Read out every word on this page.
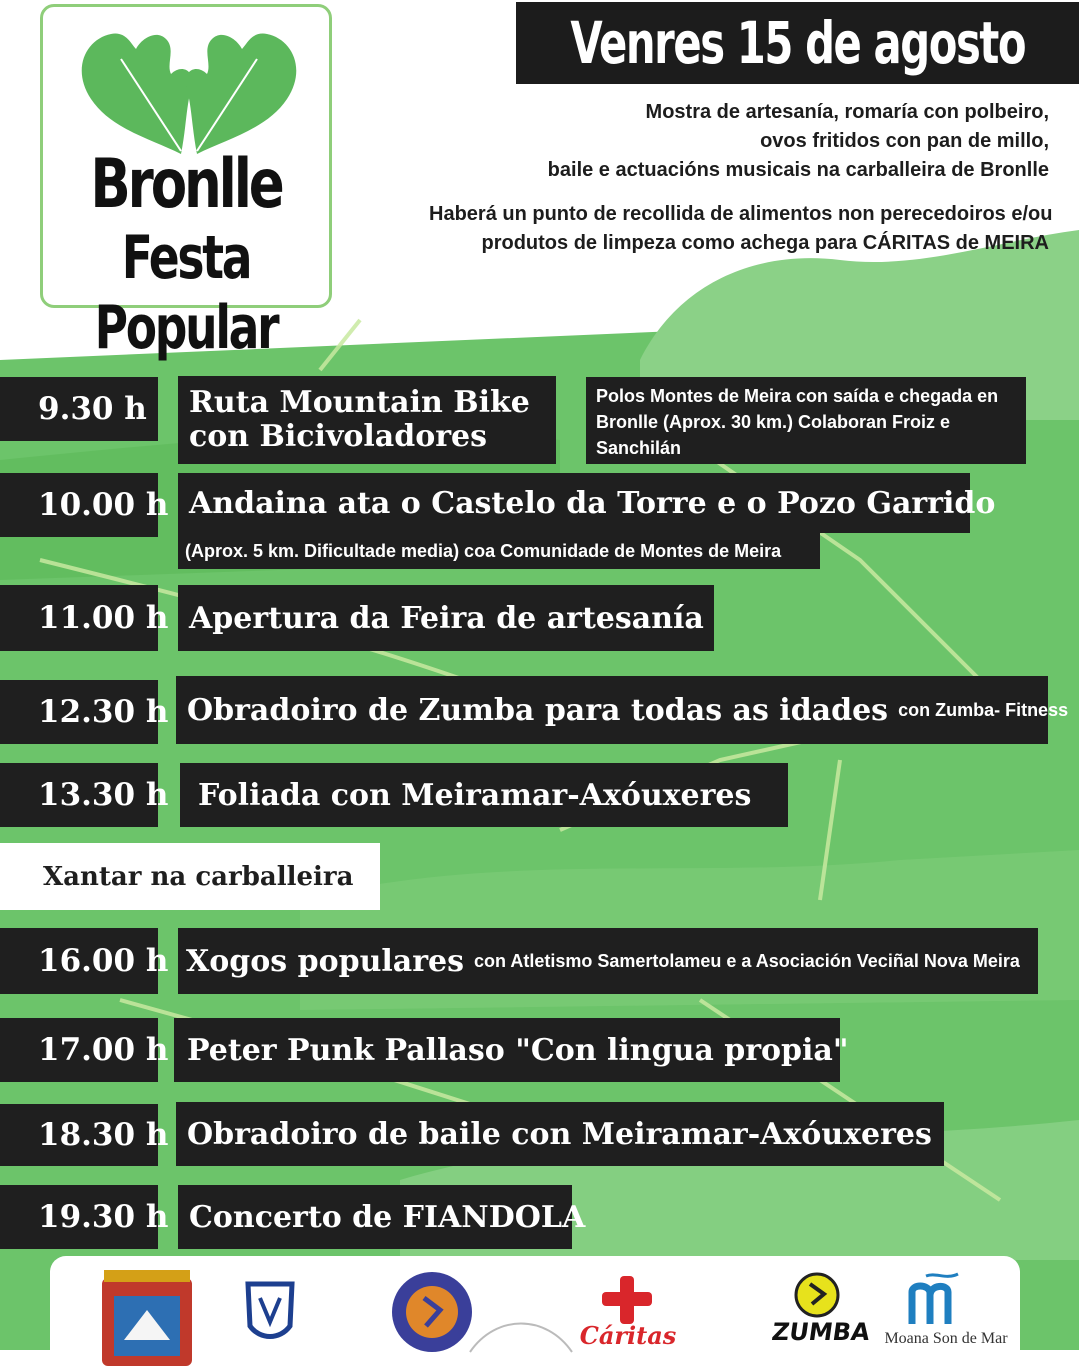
Bronlle
Festa Popular
Venres 15 de agosto
Mostra de artesanía, romaría con polbeiro,
ovos fritidos con pan de millo,
baile e actuacións musicais na carballeira de Bronlle
Haberá un punto de recollida de alimentos non perecedoiros e/ou
produtos de limpeza como achega para CÁRITAS de MEIRA
9.30 h	Ruta Mountain Bike
con Bicivoladores
Polos Montes de Meira con saída e chegada en Bronlle (Aprox. 30 km.) Colaboran Froiz e Sanchilán
10.00 h Andaina ata o Castelo da Torre e o Pozo Garrido
(Aprox. 5 km. Dificultade media) coa Comunidade de Montes de Meira
11.00 h Apertura da Feira de artesanía
12.30 h Obradoiro de Zumba para todas as idades con Zumba- Fitness
13.30 h Foliada con Meiramar-Axóuxeres
Xantar na carballeira
16.00 h Xogos populares con Atletismo Samertolameu e a Asociación Veciñal Nova Meira
17.00 h Peter Punk Pallaso "Con lingua propia"
18.30 h Obradoiro de baile con Meiramar-Axóuxeres
19.30 h Concerto de FIANDOLA
Cáritas	ZUMBA Moana Son de Mar
